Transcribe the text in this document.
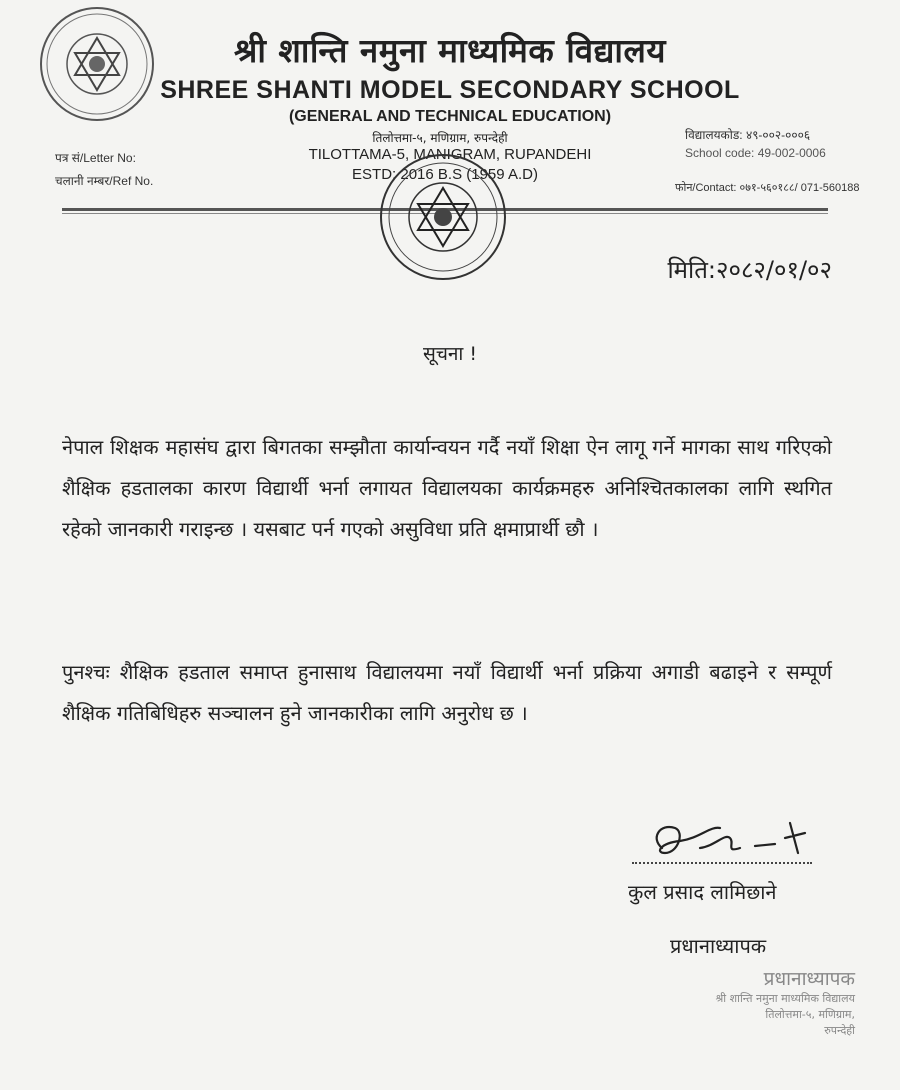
श्री शान्ति नमुना माध्यमिक विद्यालय
SHREE SHANTI MODEL SECONDARY SCHOOL
(GENERAL AND TECHNICAL EDUCATION)
तिलोत्तमा-५, मणिग्राम, रुपन्देही
TILOTTAMA-5, MANIGRAM, RUPANDEHI
ESTD: 2016 B.S (1959 A.D)
पत्र सं/Letter No:
चलानी नम्बर/Ref No.
विद्यालयकोड: ४९-००२-०००६
School code: 49-002-0006
फोन/Contact: ०७१-५६०१८८/ 071-560188
मिति:२०८२/०१/०२
सूचना !
नेपाल शिक्षक महासंघ द्वारा बिगतका सम्झौता कार्यान्वयन गर्दै नयाँ शिक्षा ऐन लागू गर्ने मागका साथ गरिएको शैक्षिक हडतालका कारण विद्यार्थी भर्ना लगायत विद्यालयका कार्यक्रमहरु अनिश्चितकालका लागि स्थगित रहेको जानकारी गराइन्छ । यसबाट पर्न गएको असुविधा प्रति क्षमाप्रार्थी छौ ।
पुनश्चः शैक्षिक हडताल समाप्त हुनासाथ विद्यालयमा नयाँ विद्यार्थी भर्ना प्रक्रिया अगाडी बढाइने र सम्पूर्ण शैक्षिक गतिबिधिहरु सञ्चालन हुने जानकारीका लागि अनुरोध छ ।
कुल प्रसाद लामिछाने
प्रधानाध्यापक
प्रधानाध्यापक
श्री शान्ति नमुना माध्यमिक विद्यालय
तिलोत्तमा-५, मणिग्राम,
रुपन्देही
